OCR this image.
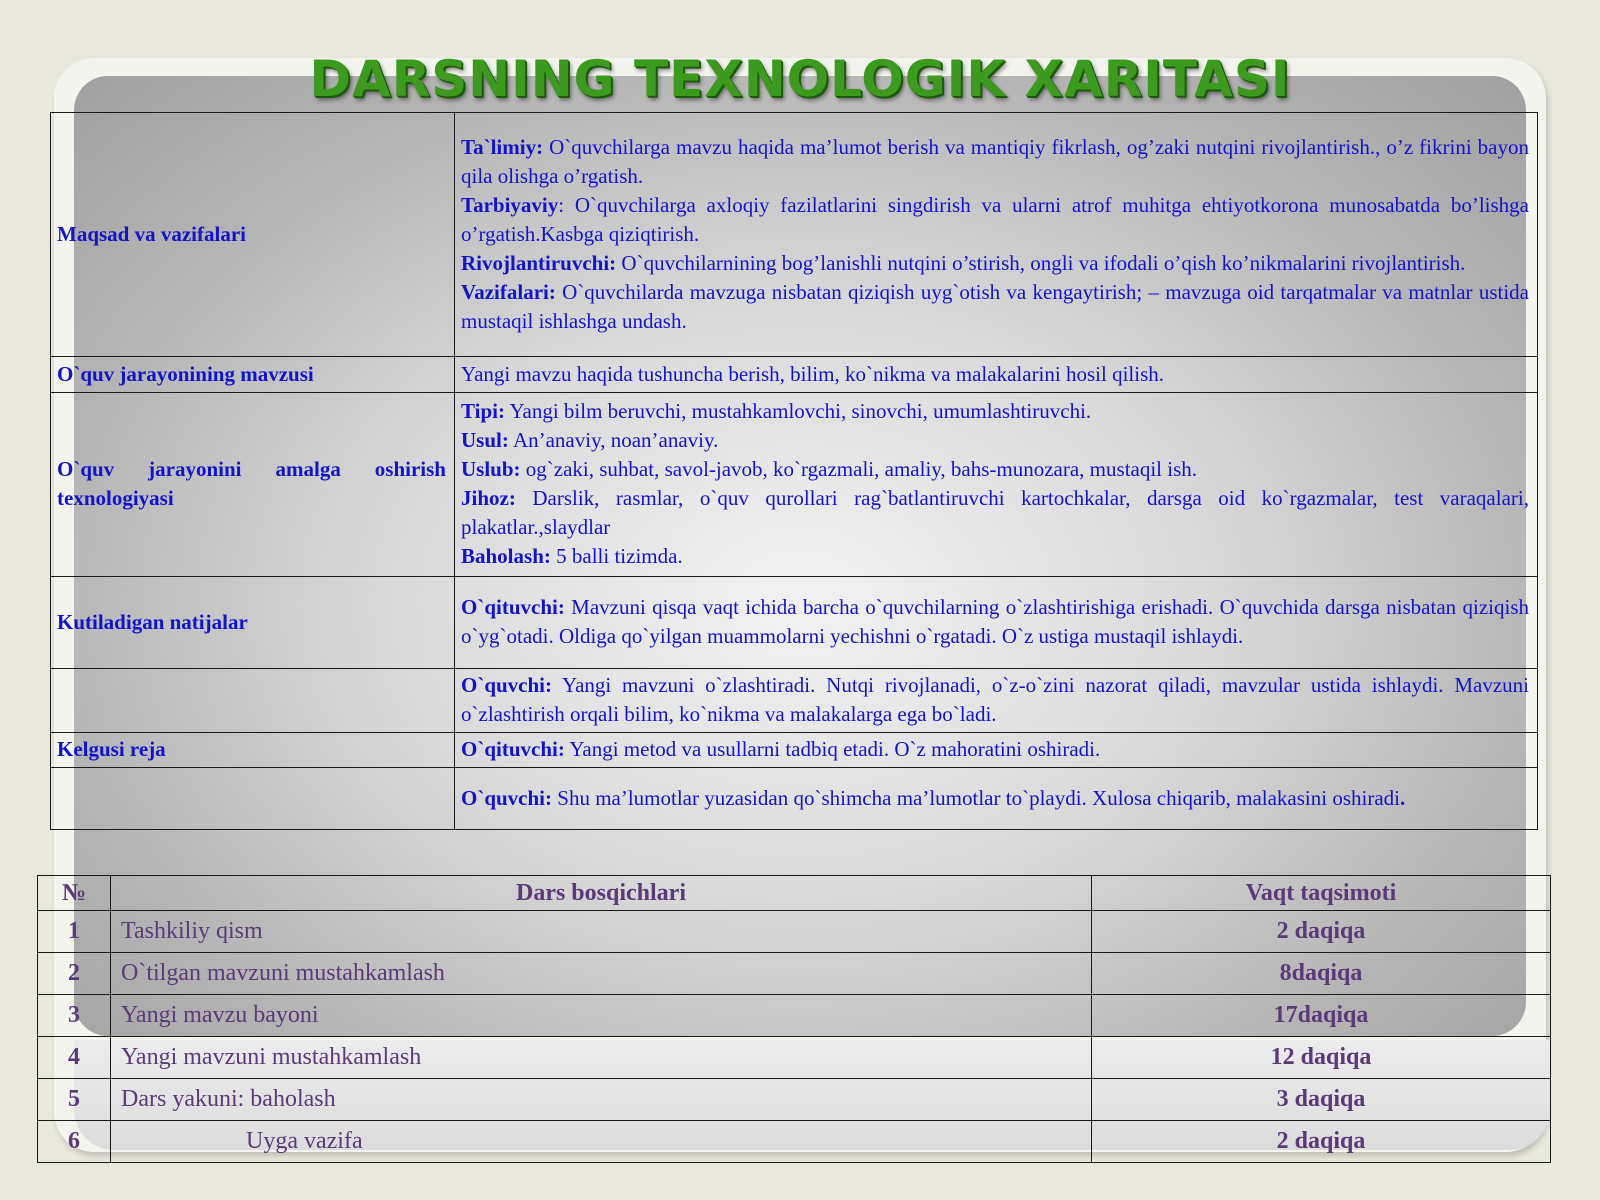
DARSNING TEXNOLOGIK XARITASI
Maqsad va vazifalari	Ta`limiy: O`quvchilarga mavzu haqida ma’lumot berish va mantiqiy fikrlash, og’zaki nutqini rivojlantirish., o’z fikrini bayon qila olishga o’rgatish.

Tarbiyaviy: O`quvchilarga axloqiy fazilatlarini singdirish va ularni atrof muhitga ehtiyotkorona munosabatda bo’lishga o’rgatish.Kasbga qiziqtirish.

Rivojlantiruvchi: O`quvchilarnining bog’lanishli nutqini o’stirish, ongli va ifodali o’qish ko’nikmalarini rivojlantirish.

Vazifalari: O`quvchilarda mavzuga nisbatan qiziqish uyg`otish va kengaytirish; – mavzuga oid tarqatmalar va matnlar ustida mustaqil ishlashga undash.

O`quv jarayonining mavzusi	Yangi mavzu haqida tushuncha berish, bilim, ko`nikma va malakalarini hosil qilish.
O`quv jarayonini amalga oshirish texnologiyasi	Tipi: Yangi bilm beruvchi, mustahkamlovchi, sinovchi, umumlashtiruvchi.

Usul: An’anaviy, noan’anaviy.

Uslub: og`zaki, suhbat, savol-javob, ko`rgazmali, amaliy, bahs-munozara, mustaqil ish.

Jihoz: Darslik, rasmlar, o`quv qurollari rag`batlantiruvchi kartochkalar, darsga oid ko`rgazmalar, test varaqalari, plakatlar.,slaydlar

Baholash: 5 balli tizimda.

Kutiladigan natijalar	O`qituvchi: Mavzuni qisqa vaqt ichida barcha o`quvchilarning o`zlashtirishiga erishadi. O`quvchida darsga nisbatan qiziqish o`yg`otadi. Oldiga qo`yilgan muammolarni yechishni o`rgatadi. O`z ustiga mustaqil ishlaydi.
	O`quvchi: Yangi mavzuni o`zlashtiradi. Nutqi rivojlanadi, o`z-o`zini nazorat qiladi, mavzular ustida ishlaydi. Mavzuni o`zlashtirish orqali bilim, ko`nikma va malakalarga ega bo`ladi.
Kelgusi reja	O`qituvchi: Yangi metod va usullarni tadbiq etadi. O`z mahoratini oshiradi.
	O`quvchi: Shu ma’lumotlar yuzasidan qo`shimcha ma’lumotlar to`playdi. Xulosa chiqarib, malakasini oshiradi.
№	Dars bosqichlari	Vaqt taqsimoti
1	Tashkiliy qism	2 daqiqa
2	O`tilgan mavzuni mustahkamlash	8daqiqa
3	Yangi mavzu bayoni	17daqiqa
4	Yangi mavzuni mustahkamlash	12 daqiqa
5	Dars yakuni: baholash	3 daqiqa
6	Uyga vazifa	2 daqiqa
